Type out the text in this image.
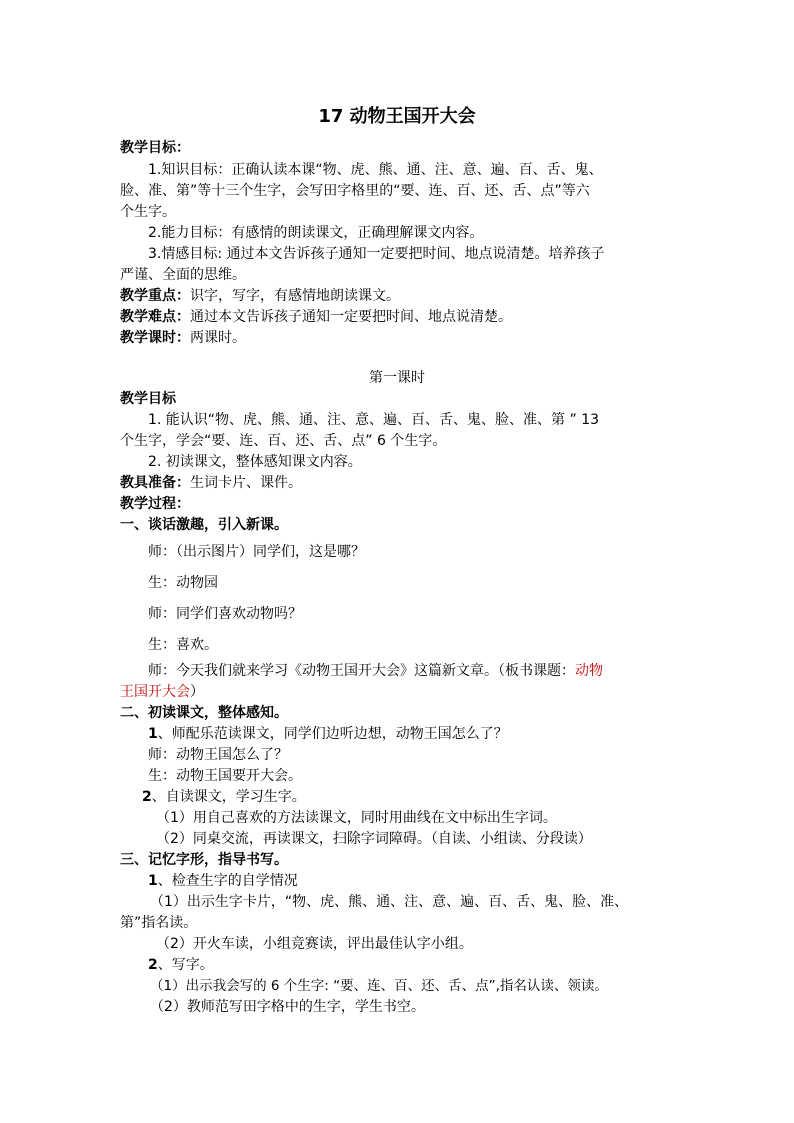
17 动物王国开大会

教学目标：

1.知识目标：正确认读本课“物、虎、熊、通、注、意、遍、百、舌、鬼、

脸、准、第”等十三个生字，会写田字格里的“要、连、百、还、舌、点”等六

个生字。

2.能力目标：有感情的朗读课文，正确理解课文内容。

3.情感目标: 通过本文告诉孩子通知一定要把时间、地点说清楚。培养孩子

严谨、全面的思维。

教学重点：识字，写字，有感情地朗读课文。

教学难点：通过本文告诉孩子通知一定要把时间、地点说清楚。

教学课时：两课时。

第一课时

教学目标

1. 能认识“物、虎、熊、通、注、意、遍、百、舌、鬼、脸、准、第 ” 13

个生字，学会“要、连、百、还、舌、点” 6 个生字。

2. 初读课文，整体感知课文内容。

教具准备：生词卡片、课件。

教学过程：

一、谈话激趣，引入新课。

师：（出示图片）同学们，这是哪？

生：动物园

师：同学们喜欢动物吗？

生：喜欢。

师：今天我们就来学习《动物王国开大会》这篇新文章。（板书课题：动物

王国开大会）

二、初读课文，整体感知。

1、师配乐范读课文，同学们边听边想，动物王国怎么了？

师：动物王国怎么了？

生：动物王国要开大会。

2、自读课文，学习生字。

（1）用自己喜欢的方法读课文，同时用曲线在文中标出生字词。

（2）同桌交流，再读课文，扫除字词障碍。（自读、小组读、分段读）

三、记忆字形，指导书写。

1、检查生字的自学情况

（1）出示生字卡片，“物、虎、熊、通、注、意、遍、百、舌、鬼、脸、准、

第”指名读。

（2）开火车读，小组竞赛读，评出最佳认字小组。

2、写字。

（1）出示我会写的 6 个生字: “要、连、百、还、舌、点”,指名认读、领读。

（2）教师范写田字格中的生字，学生书空。
